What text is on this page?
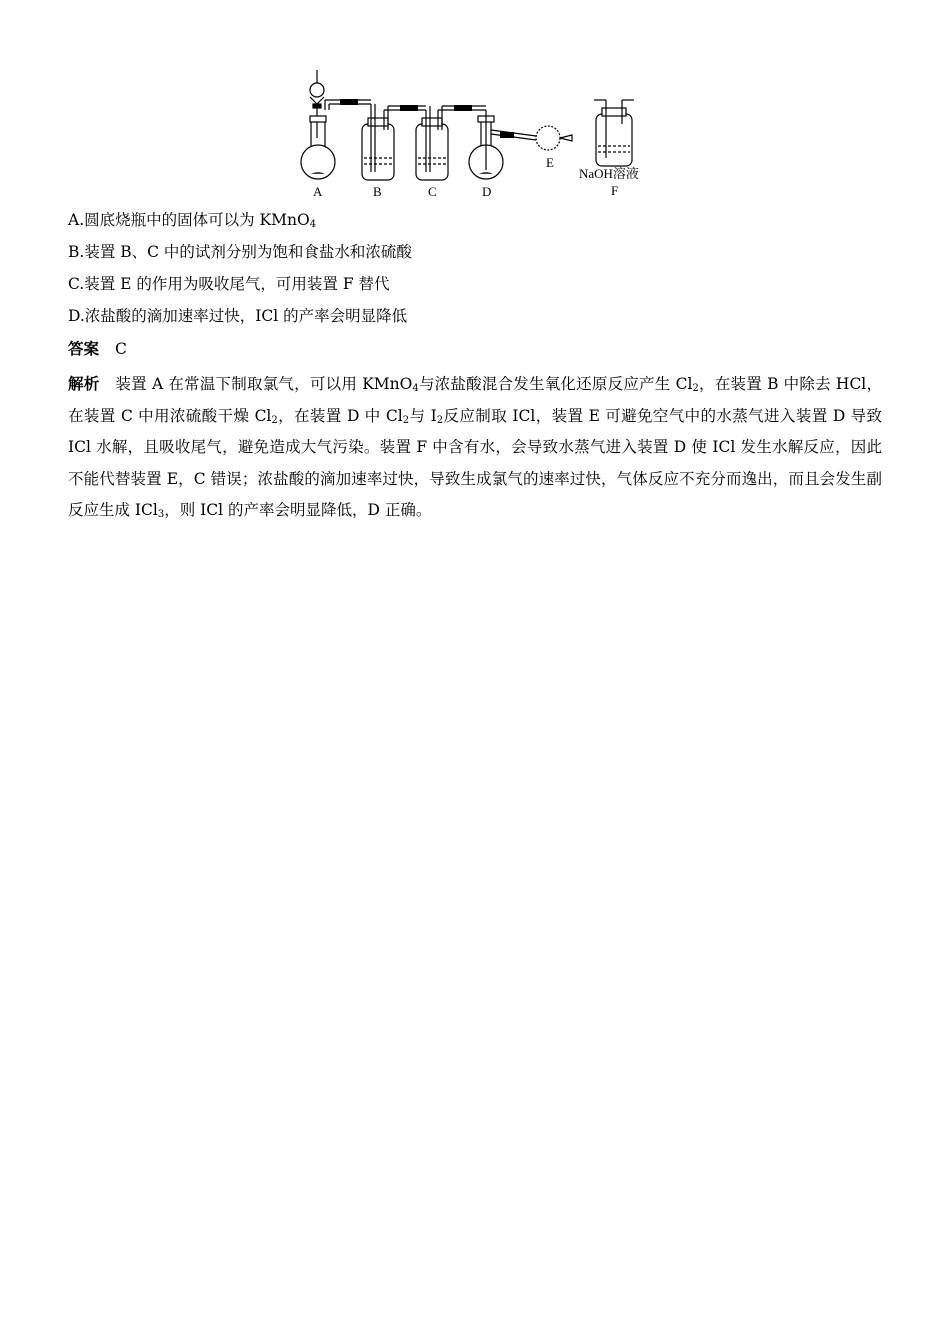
A	B	C	D
E
NaOH溶液
F
A.圆底烧瓶中的固体可以为 KMnO$_4$
B.装置 B、C 中的试剂分别为饱和食盐水和浓硫酸
C.装置 E 的作用为吸收尾气，可用装置 F 替代
D.浓盐酸的滴加速率过快，ICl 的产率会明显降低
答案 C
解析 装置 A 在常温下制取氯气，可以用 KMnO$_4$与浓盐酸混合发生氧化还原反应产生 $Cl_2$，在装置 B 中除去 HCl，在装置 C 中用浓硫酸干燥 $Cl_2$，在装置 D 中 $Cl_2$与 $I_2$反应制取 ICl，装置 E 可避免空气中的水蒸气进入装置 D 导致 ICl 水解，且吸收尾气，避免造成大气污染。装置 F 中含有水，会导致水蒸气进入装置 D 使 ICl 发生水解反应，因此不能代替装置 E，C 错误；浓盐酸的滴加速率过快，导致生成氯气的速率过快，气体反应不充分而逸出，而且会发生副反应生成 ICl$_3$，则 ICl 的产率会明显降低，D 正确。
